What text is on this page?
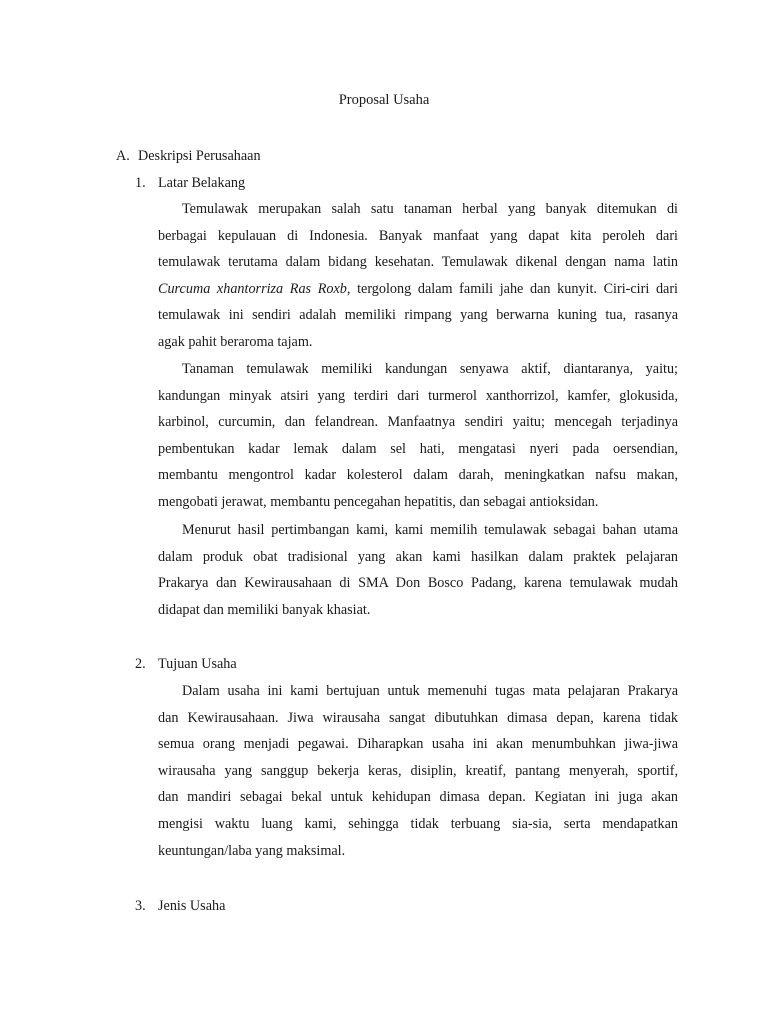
Proposal Usaha
A. Deskripsi Perusahaan
1. Latar Belakang
Temulawak merupakan salah satu tanaman herbal yang banyak ditemukan di
berbagai kepulauan di Indonesia. Banyak manfaat yang dapat kita peroleh dari
temulawak terutama dalam bidang kesehatan. Temulawak dikenal dengan nama latin
Curcuma xhantorriza Ras Roxb, tergolong dalam famili jahe dan kunyit. Ciri-ciri dari
temulawak ini sendiri adalah memiliki rimpang yang berwarna kuning tua, rasanya
agak pahit beraroma tajam.
Tanaman temulawak memiliki kandungan senyawa aktif, diantaranya, yaitu;
kandungan minyak atsiri yang terdiri dari turmerol xanthorrizol, kamfer, glokusida,
karbinol, curcumin, dan felandrean. Manfaatnya sendiri yaitu; mencegah terjadinya
pembentukan kadar lemak dalam sel hati, mengatasi nyeri pada oersendian,
membantu mengontrol kadar kolesterol dalam darah, meningkatkan nafsu makan,
mengobati jerawat, membantu pencegahan hepatitis, dan sebagai antioksidan.
Menurut hasil pertimbangan kami, kami memilih temulawak sebagai bahan utama
dalam produk obat tradisional yang akan kami hasilkan dalam praktek pelajaran
Prakarya dan Kewirausahaan di SMA Don Bosco Padang, karena temulawak mudah
didapat dan memiliki banyak khasiat.
2. Tujuan Usaha
Dalam usaha ini kami bertujuan untuk memenuhi tugas mata pelajaran Prakarya
dan Kewirausahaan. Jiwa wirausaha sangat dibutuhkan dimasa depan, karena tidak
semua orang menjadi pegawai. Diharapkan usaha ini akan menumbuhkan jiwa-jiwa
wirausaha yang sanggup bekerja keras, disiplin, kreatif, pantang menyerah, sportif,
dan mandiri sebagai bekal untuk kehidupan dimasa depan. Kegiatan ini juga akan
mengisi waktu luang kami, sehingga tidak terbuang sia-sia, serta mendapatkan
keuntungan/laba yang maksimal.
3. Jenis Usaha
